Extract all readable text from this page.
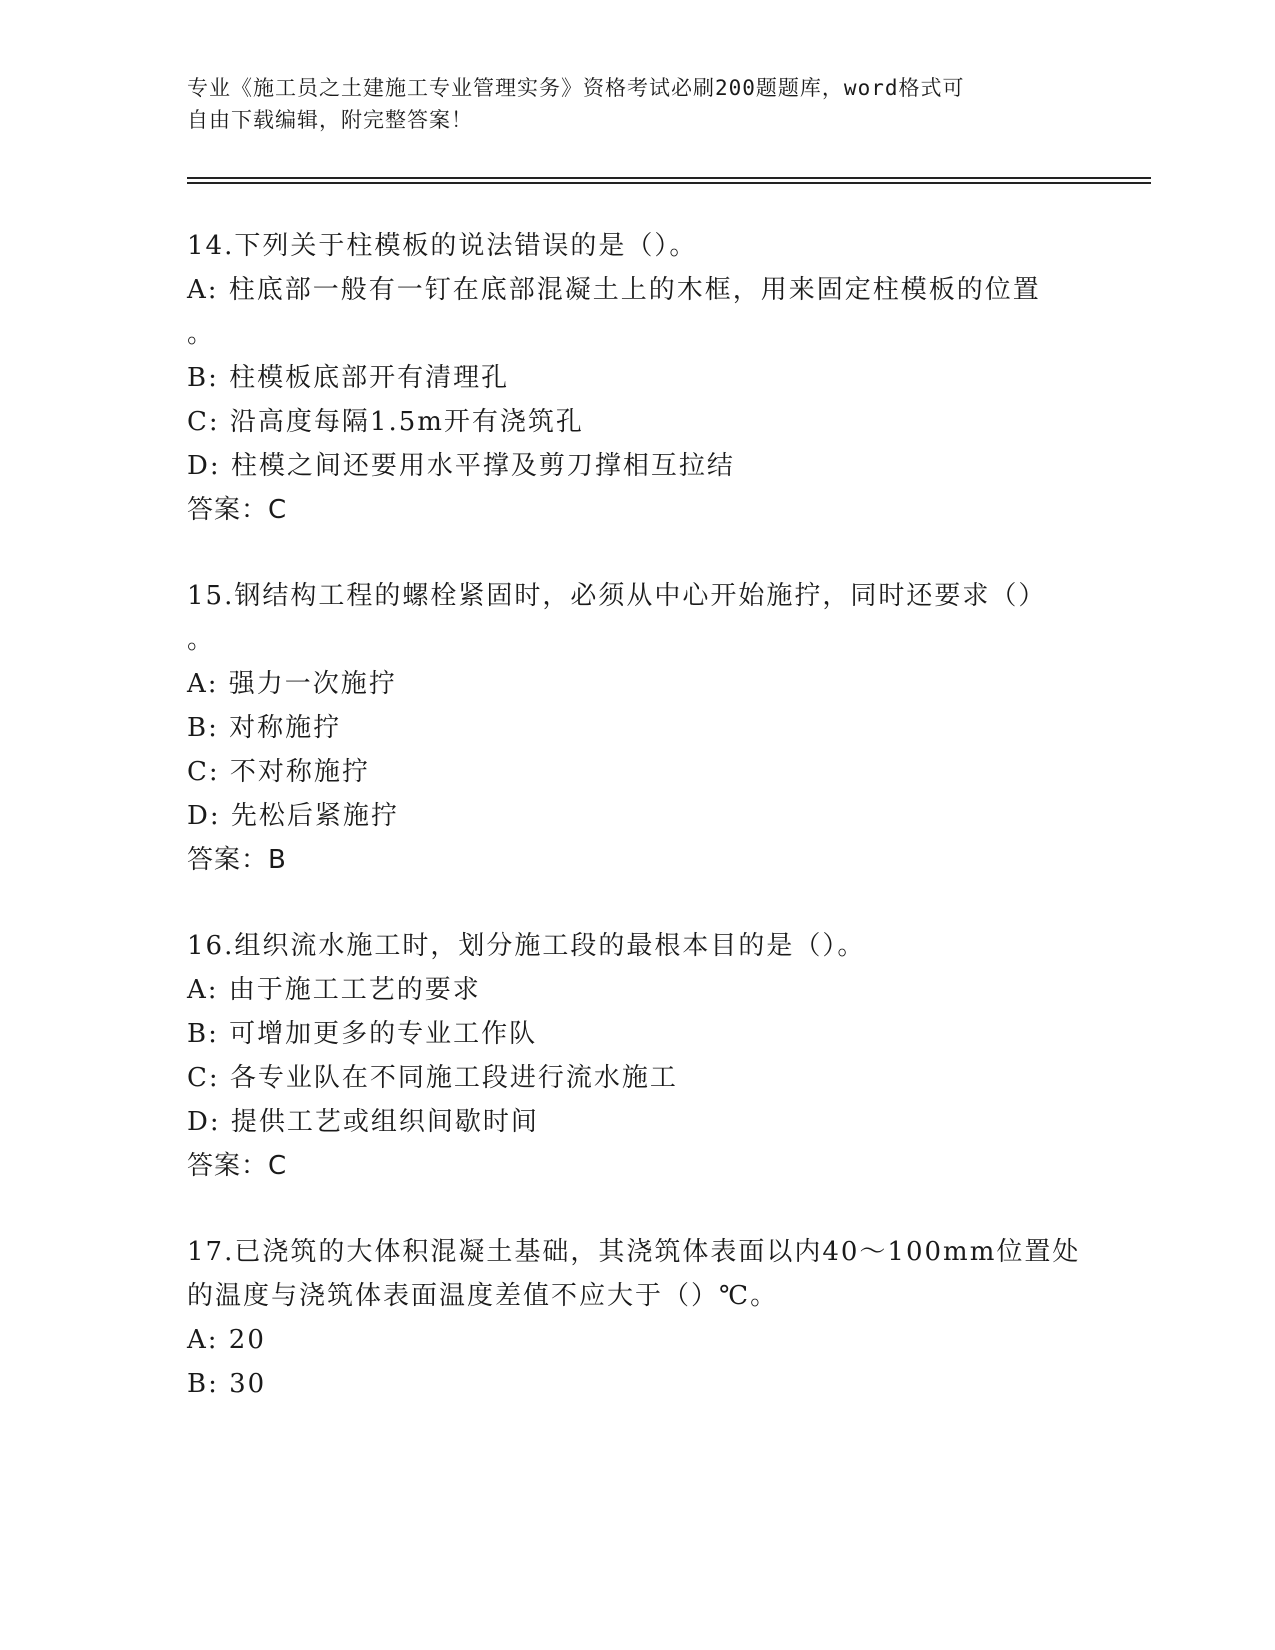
专业《施工员之土建施工专业管理实务》资格考试必刷200题题库，word格式可
自由下载编辑，附完整答案！
14.下列关于柱模板的说法错误的是（）。
A: 柱底部一般有一钉在底部混凝土上的木框，用来固定柱模板的位置
。
B: 柱模板底部开有清理孔
C: 沿高度每隔1.5m开有浇筑孔
D: 柱模之间还要用水平撑及剪刀撑相互拉结
答案：C
15.钢结构工程的螺栓紧固时，必须从中心开始施拧，同时还要求（）
。
A: 强力一次施拧
B: 对称施拧
C: 不对称施拧
D: 先松后紧施拧
答案：B
16.组织流水施工时，划分施工段的最根本目的是（）。
A: 由于施工工艺的要求
B: 可增加更多的专业工作队
C: 各专业队在不同施工段进行流水施工
D: 提供工艺或组织间歇时间
答案：C
17.已浇筑的大体积混凝土基础，其浇筑体表面以内40～100mm位置处
的温度与浇筑体表面温度差值不应大于（）℃。
A: 20
B: 30
